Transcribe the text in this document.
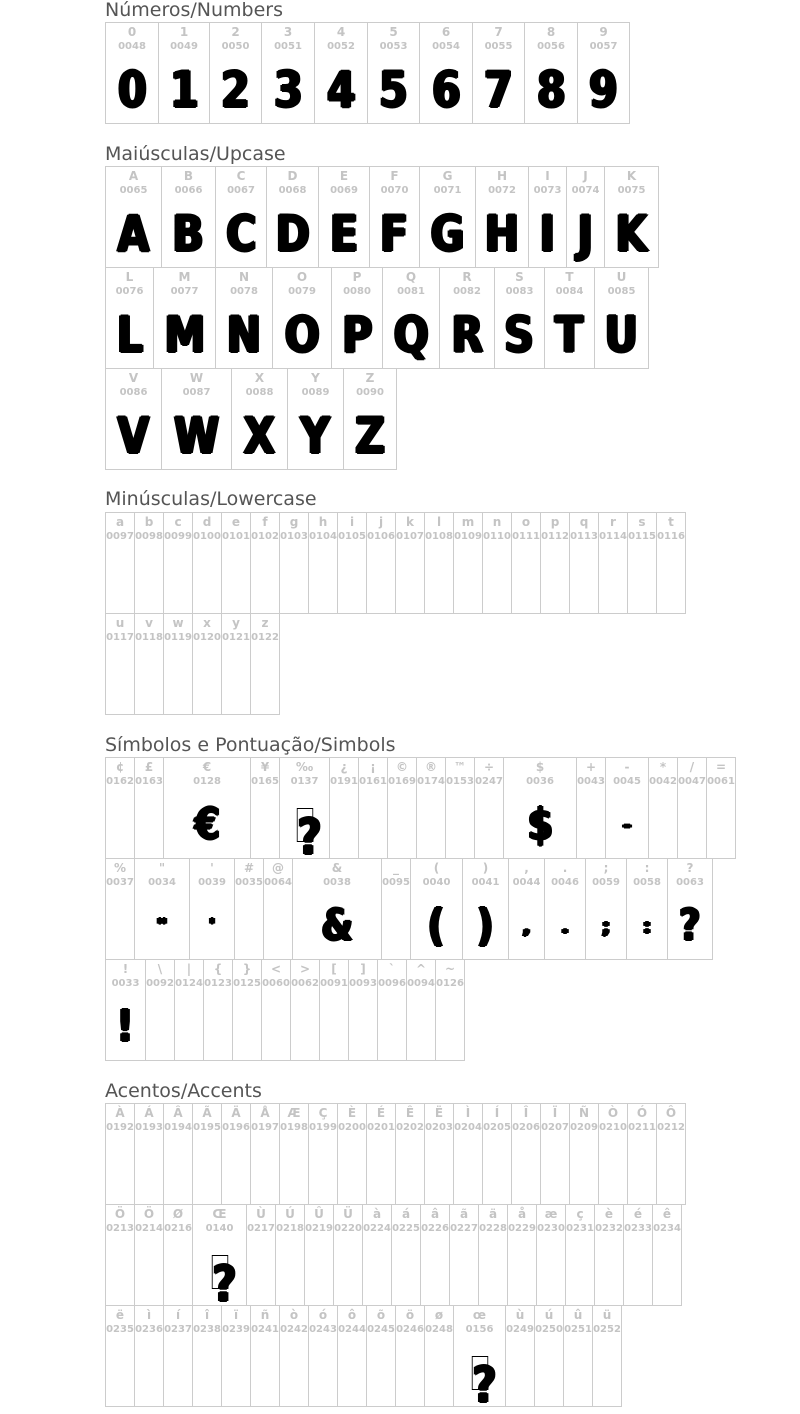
Números/Numbers
0
0048
0
1
0049
1
2
0050
2
3
0051
3
4
0052
4
5
0053
5
6
0054
6
7
0055
7
8
0056
8
9
0057
9
Maiúsculas/Upcase
A
0065
A
B
0066
B
C
0067
C
D
0068
D
E
0069
E
F
0070
F
G
0071
G
H
0072
H
I
0073
I
J
0074
J
K
0075
K
L
0076
L
M
0077
M
N
0078
N
O
0079
O
P
0080
P
Q
0081
Q
R
0082
R
S
0083
S
T
0084
T
U
0085
U
V
0086
V
W
0087
W
X
0088
X
Y
0089
Y
Z
0090
Z
Minúsculas/Lowercase
a
0097
b
0098
c
0099
d
0100
e
0101
f
0102
g
0103
h
0104
i
0105
j
0106
k
0107
l
0108
m
0109
n
0110
o
0111
p
0112
q
0113
r
0114
s
0115
t
0116
u
0117
v
0118
w
0119
x
0120
y
0121
z
0122
Símbolos e Pontuação/Simbols
¢
0162
£
0163
€
0128
€
¥
0165
‰
0137
?
¿
0191
¡
0161
©
0169
®
0174
™
0153
÷
0247
$
0036
$
+
0043
-
0045
-
*
0042
/
0047
=
0061
%
0037
"
0034
"
'
0039
'
#
0035
@
0064
&
0038
&
_
0095
(
0040
(
)
0041
)
,
0044
,
.
0046
.
;
0059
;
:
0058
:
?
0063
?
!
0033
!
\
0092
|
0124
{
0123
}
0125
<
0060
>
0062
[
0091
]
0093
`
0096
^
0094
~
0126
Acentos/Accents
À
0192
Á
0193
Â
0194
Ã
0195
Ä
0196
Å
0197
Æ
0198
Ç
0199
È
0200
É
0201
Ê
0202
Ë
0203
Ì
0204
Í
0205
Î
0206
Ï
0207
Ñ
0209
Ò
0210
Ó
0211
Ô
0212
Ö
0213
Ö
0214
Ø
0216
Œ
0140
?
Ù
0217
Ú
0218
Û
0219
Ü
0220
à
0224
á
0225
â
0226
ã
0227
ä
0228
å
0229
æ
0230
ç
0231
è
0232
é
0233
ê
0234
ë
0235
ì
0236
í
0237
î
0238
ï
0239
ñ
0241
ò
0242
ó
0243
ô
0244
õ
0245
ö
0246
ø
0248
œ
0156
?
ù
0249
ú
0250
û
0251
ü
0252
